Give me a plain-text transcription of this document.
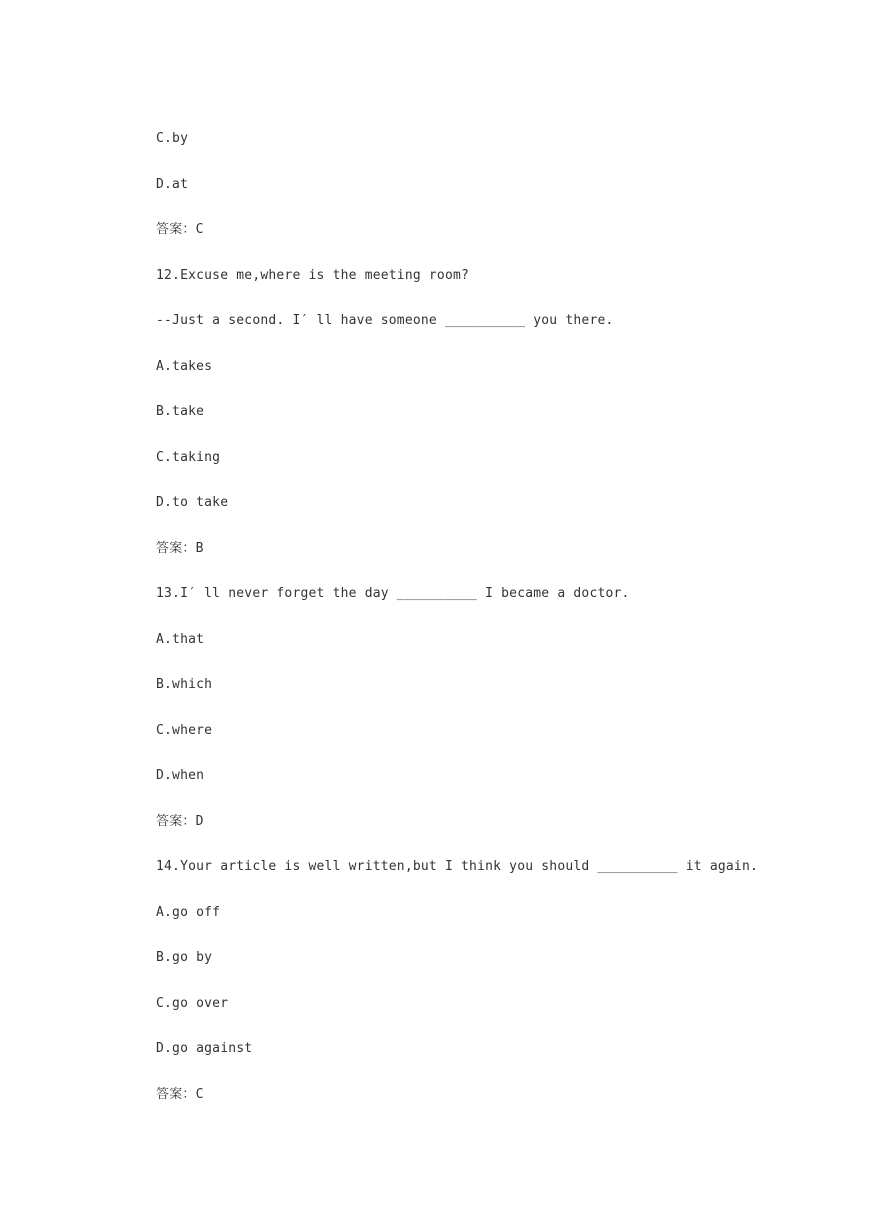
C.by
D.at
答案：C
12.Excuse me,where is the meeting room?
--Just a second. I′ ll have someone __________ you there.
A.takes
B.take
C.taking
D.to take
答案：B
13.I′ ll never forget the day __________ I became a doctor.
A.that
B.which
C.where
D.when
答案：D
14.Your article is well written,but I think you should __________ it again.
A.go off
B.go by
C.go over
D.go against
答案：C
